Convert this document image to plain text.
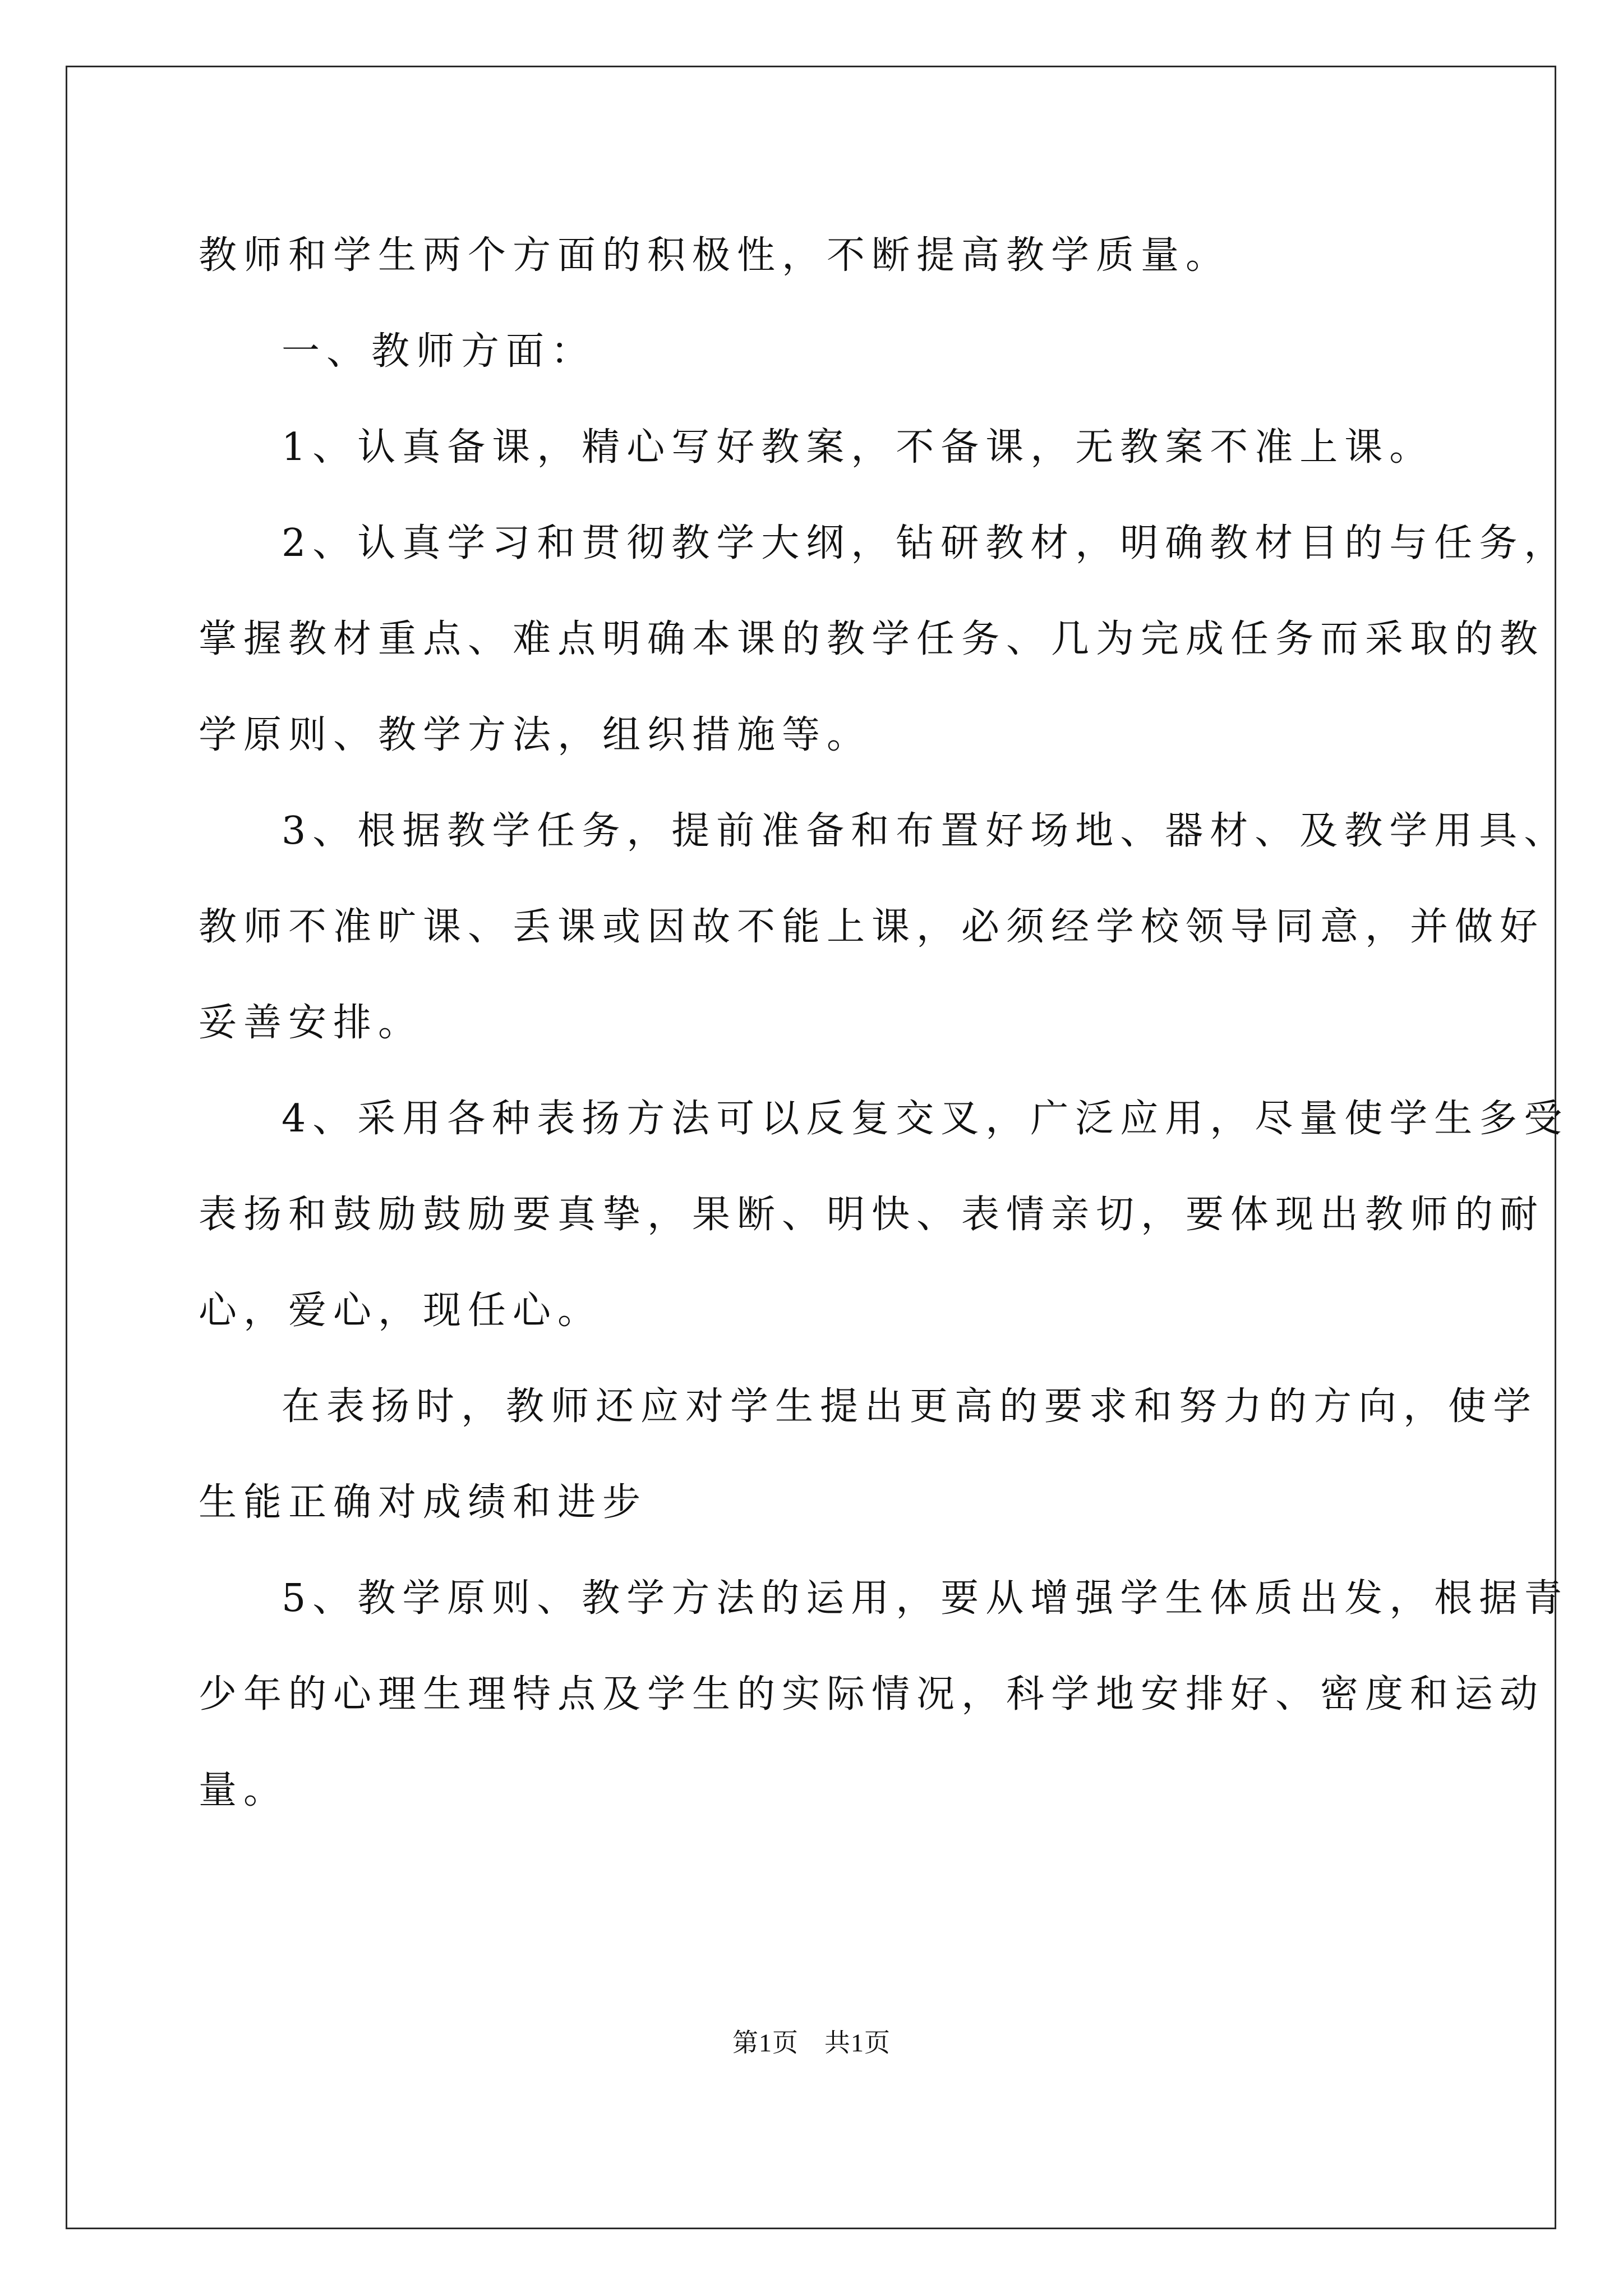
教师和学生两个方面的积极性，不断提高教学质量。

一、教师方面：

1、认真备课，精心写好教案，不备课，无教案不准上课。

2、认真学习和贯彻教学大纲，钻研教材，明确教材目的与任务，

掌握教材重点、难点明确本课的教学任务、几为完成任务而采取的教

学原则、教学方法，组织措施等。

3、根据教学任务，提前准备和布置好场地、器材、及教学用具、

教师不准旷课、丢课或因故不能上课，必须经学校领导同意，并做好

妥善安排。

4、采用各种表扬方法可以反复交叉，广泛应用，尽量使学生多受

表扬和鼓励鼓励要真挚，果断、明快、表情亲切，要体现出教师的耐

心，爱心，现任心。

在表扬时，教师还应对学生提出更高的要求和努力的方向，使学

生能正确对成绩和进步

5、教学原则、教学方法的运用，要从增强学生体质出发，根据青

少年的心理生理特点及学生的实际情况，科学地安排好、密度和运动

量。

第1页 共1页
